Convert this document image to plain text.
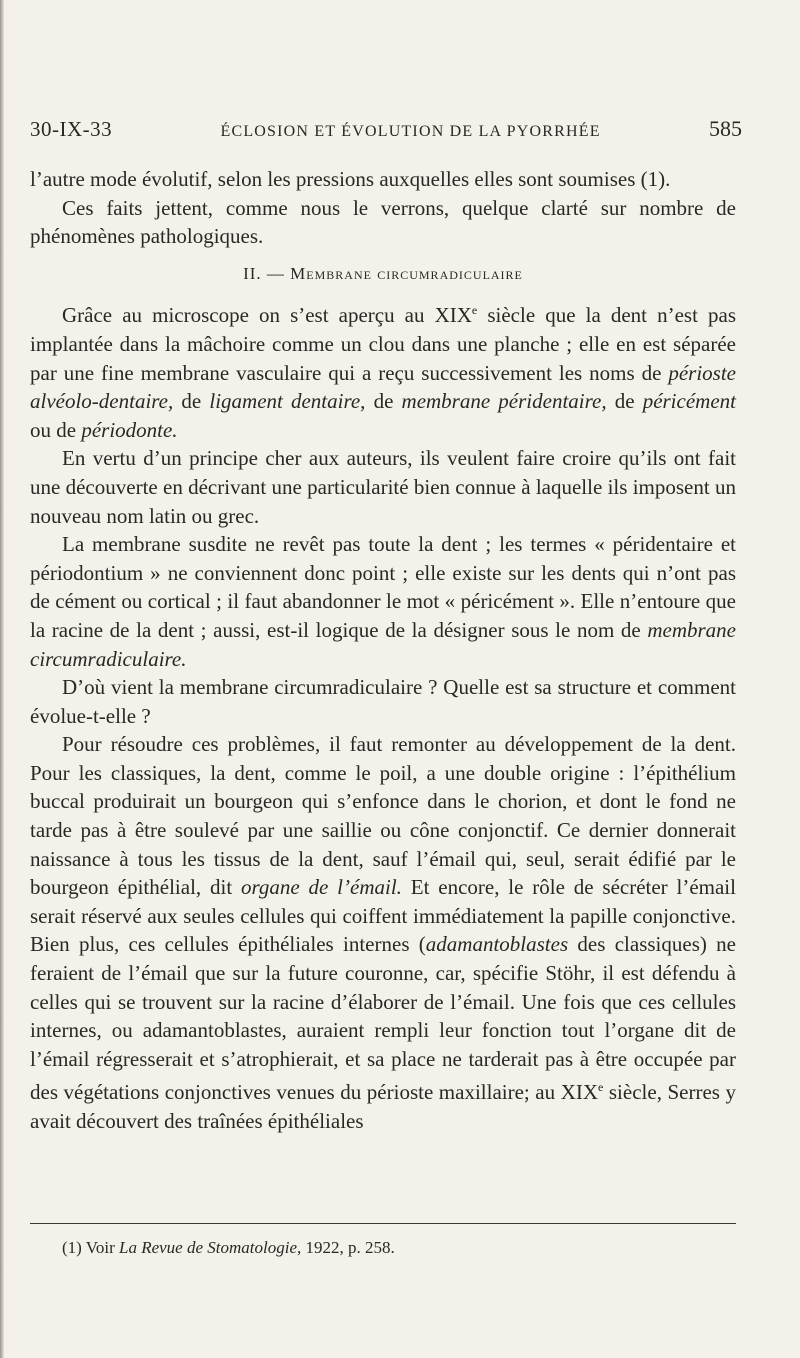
30-IX-33	ÉCLOSION ET ÉVOLUTION DE LA PYORRHÉE	585

l’autre mode évolutif, selon les pressions auxquelles elles sont soumises (1).

Ces faits jettent, comme nous le verrons, quelque clarté sur nombre de phénomènes pathologiques.

II. — Membrane circumradiculaire

Grâce au microscope on s’est aperçu au XIXe siècle que la dent n’est pas implantée dans la mâchoire comme un clou dans une planche ; elle en est séparée par une fine membrane vasculaire qui a reçu successivement les noms de périoste alvéolo-dentaire, de ligament dentaire, de membrane péridentaire, de péricément ou de périodonte.

En vertu d’un principe cher aux auteurs, ils veulent faire croire qu’ils ont fait une découverte en décrivant une particularité bien connue à laquelle ils imposent un nouveau nom latin ou grec.

La membrane susdite ne revêt pas toute la dent ; les termes « péridentaire et périodontium » ne conviennent donc point ; elle existe sur les dents qui n’ont pas de cément ou cortical ; il faut abandonner le mot « péricément ». Elle n’entoure que la racine de la dent ; aussi, est-il logique de la désigner sous le nom de membrane circumradiculaire.

D’où vient la membrane circumradiculaire ? Quelle est sa structure et comment évolue-t-elle ?

Pour résoudre ces problèmes, il faut remonter au développement de la dent. Pour les classiques, la dent, comme le poil, a une double origine : l’épithélium buccal produirait un bourgeon qui s’enfonce dans le chorion, et dont le fond ne tarde pas à être soulevé par une saillie ou cône conjonctif. Ce dernier donnerait naissance à tous les tissus de la dent, sauf l’émail qui, seul, serait édifié par le bourgeon épithélial, dit organe de l’émail. Et encore, le rôle de sécréter l’émail serait réservé aux seules cellules qui coiffent immédiatement la papille conjonctive. Bien plus, ces cellules épithéliales internes (adamantoblastes des classiques) ne feraient de l’émail que sur la future couronne, car, spécifie Stöhr, il est défendu à celles qui se trouvent sur la racine d’élaborer de l’émail. Une fois que ces cellules internes, ou adamantoblastes, auraient rempli leur fonction tout l’organe dit de l’émail régresserait et s’atrophierait, et sa place ne tarderait pas à être occupée par des végétations conjonctives venues du périoste maxillaire; au XIXe siècle, Serres y avait découvert des traînées épithéliales

(1) Voir La Revue de Stomatologie, 1922, p. 258.
